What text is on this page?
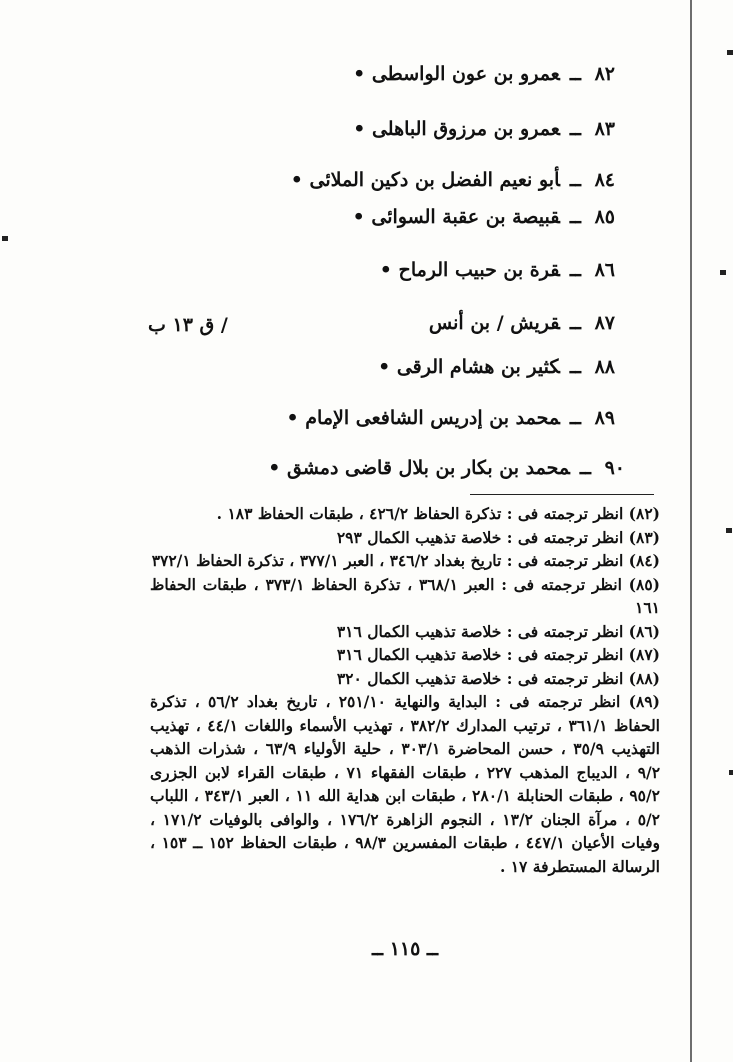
٨٢ــعمرو بن عون الواسطى •
٨٣ــعمرو بن مرزوق الباهلى •
٨٤ــأبو نعيم الفضل بن دكين الملائى •
٨٥ــقبيصة بن عقبة السوائى •
٨٦ــقرة بن حبيب الرماح •
٨٧ــقريش / بن أنس
٨٨ــكثير بن هشام الرقى •
٨٩ــمحمد بن إدريس الشافعى الإمام •
٩٠ــمحمد بن بكار بن بلال قاضى دمشق •
/ ق ١٣ ب
(٨٢) انظر ترجمته فى : تذكرة الحفاظ ٤٢٦/٢ ، طبقات الحفاظ ١٨٣ .
(٨٣) انظر ترجمته فى : خلاصة تذهيب الكمال ٢٩٣
(٨٤) انظر ترجمته فى : تاريخ بغداد ٣٤٦/٢ ، العبر ٣٧٧/١ ، تذكرة الحفاظ ٣٧٢/١
(٨٥) انظر ترجمته فى : العبر ٣٦٨/١ ، تذكرة الحفاظ ٣٧٣/١ ، طبقات الحفاظ ١٦١
(٨٦) انظر ترجمته فى : خلاصة تذهيب الكمال ٣١٦
(٨٧) انظر ترجمته فى : خلاصة تذهيب الكمال ٣١٦
(٨٨) انظر ترجمته فى : خلاصة تذهيب الكمال ٣٢٠
(٨٩) انظر ترجمته فى : البداية والنهاية ٢٥١/١٠ ، تاريخ بغداد ٥٦/٢ ، تذكرة الحفاظ ٣٦١/١ ، ترتيب المدارك ٣٨٢/٢ ، تهذيب الأسماء واللغات ٤٤/١ ، تهذيب التهذيب ٣٥/٩ ، حسن المحاضرة ٣٠٣/١ ، حلية الأولياء ٦٣/٩ ، شذرات الذهب ٩/٢ ، الديباج المذهب ٢٢٧ ، طبقات الفقهاء ٧١ ، طبقات القراء لابن الجزرى ٩٥/٢ ، طبقات الحنابلة ٢٨٠/١ ، طبقات ابن هداية الله ١١ ، العبر ٣٤٣/١ ، اللباب ٥/٢ ، مرآة الجنان ١٣/٢ ، النجوم الزاهرة ١٧٦/٢ ، والوافى بالوفيات ١٧١/٢ ، وفيات الأعيان ٤٤٧/١ ، طبقات المفسرين ٩٨/٣ ، طبقات الحفاظ ١٥٢ ــ ١٥٣ ، الرسالة المستطرفة ١٧ .
ــ ١١٥ ــ
